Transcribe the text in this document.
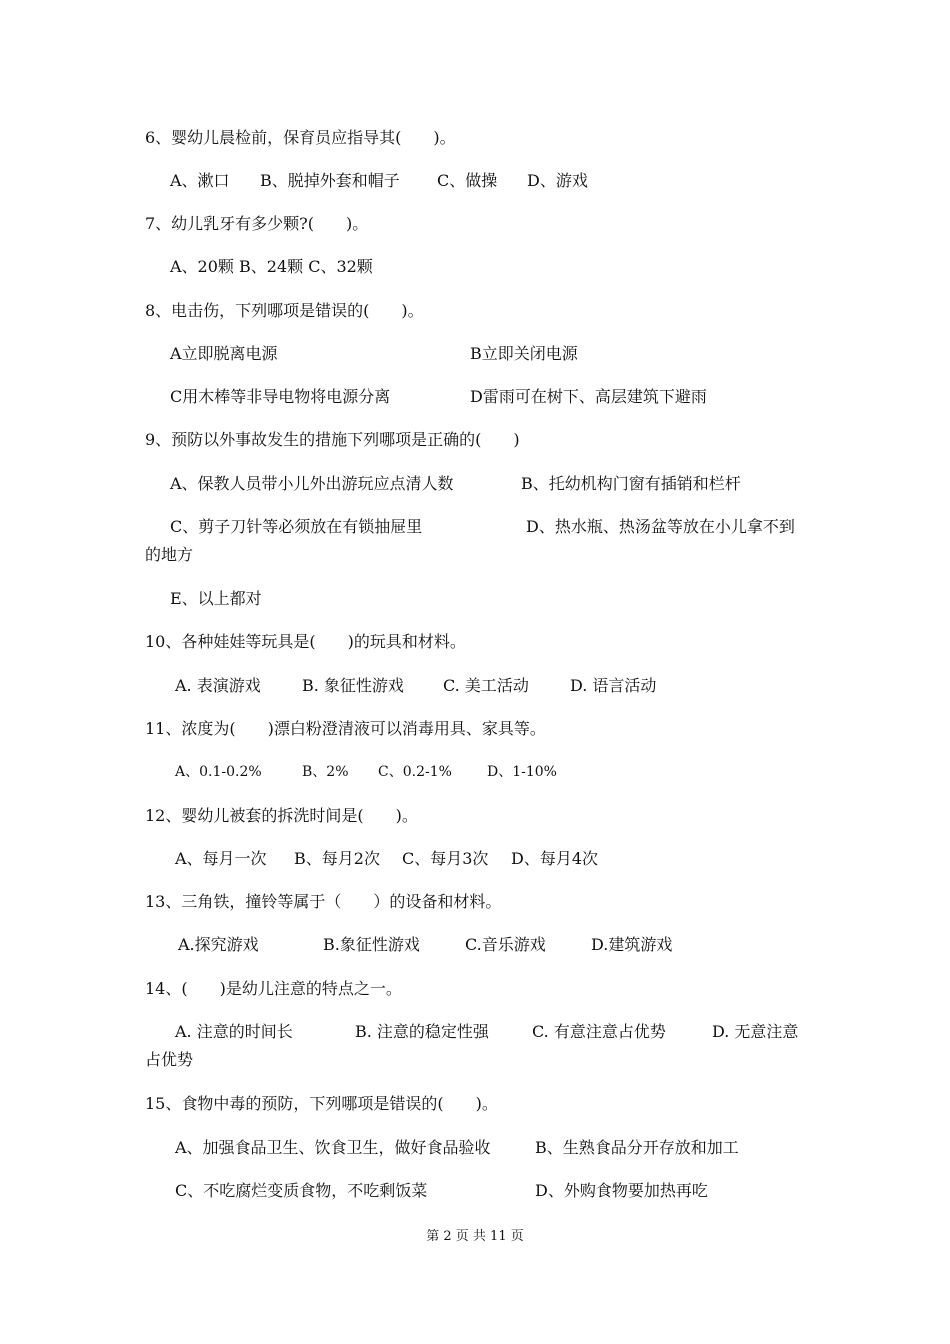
6、婴幼儿晨检前，保育员应指导其(　　)。
A、漱口 B、脱掉外套和帽子 C、做操 D、游戏
7、幼儿乳牙有多少颗?(　　)。
A、20颗 B、24颗 C、32颗
8、电击伤，下列哪项是错误的(　　)。
A立即脱离电源	B立即关闭电源
C用木棒等非导电物将电源分离	D雷雨可在树下、高层建筑下避雨
9、预防以外事故发生的措施下列哪项是正确的(　　)
A、保教人员带小儿外出游玩应点清人数	B、托幼机构门窗有插销和栏杆
C、剪子刀针等必须放在有锁抽屉里	D、热水瓶、热汤盆等放在小儿拿不到
的地方
E、以上都对
10、各种娃娃等玩具是(　　)的玩具和材料。
A. 表演游戏	B. 象征性游戏 C. 美工活动	D. 语言活动
11、浓度为(　　)漂白粉澄清液可以消毒用具、家具等。
A、0.1-0.2%	B、2% C、0.2-1%	D、1-10%
12、婴幼儿被套的拆洗时间是(　　)。
A、每月一次 B、每月2次 C、每月3次 D、每月4次
13、三角铁，撞铃等属于（　　）的设备和材料。
A.探究游戏	B.象征性游戏	C.音乐游戏	D.建筑游戏
14、(　　)是幼儿注意的特点之一。
A. 注意的时间长	B. 注意的稳定性强	C. 有意注意占优势	D. 无意注意
占优势
15、食物中毒的预防，下列哪项是错误的(　　)。
A、加强食品卫生、饮食卫生，做好食品验收	B、生熟食品分开存放和加工
C、不吃腐烂变质食物，不吃剩饭菜	D、外购食物要加热再吃
第 2 页 共 11 页
